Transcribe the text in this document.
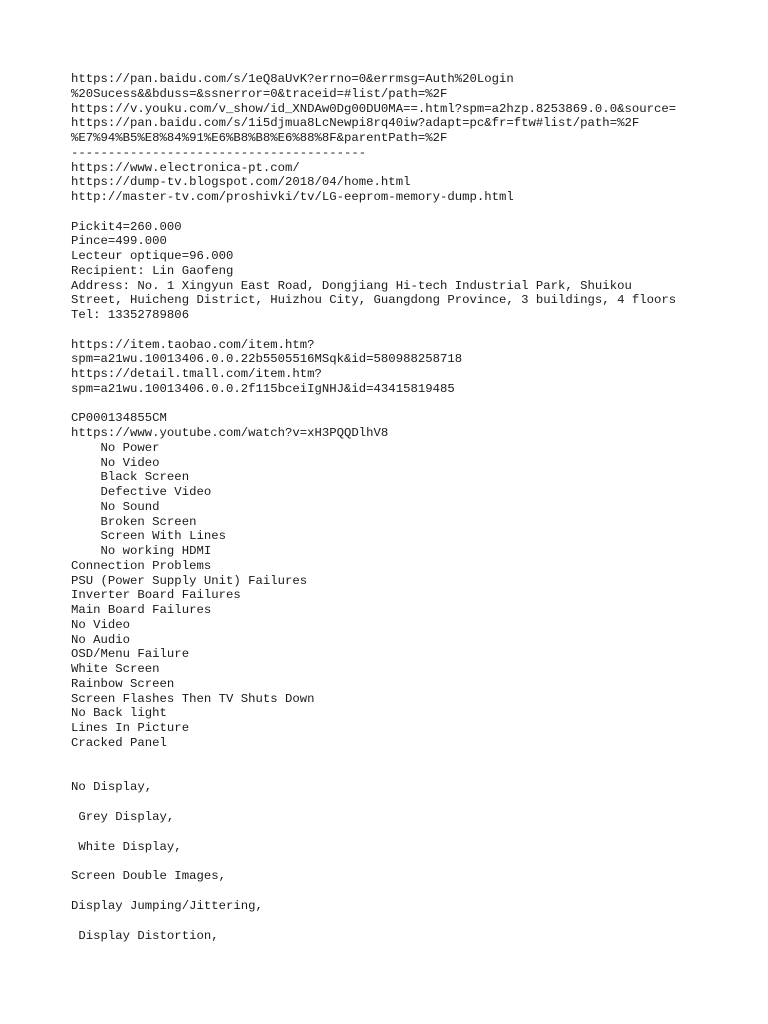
https://pan.baidu.com/s/1eQ8aUvK?errno=0&errmsg=Auth%20Login
%20Sucess&&bduss=&ssnerror=0&traceid=#list/path=%2F
https://v.youku.com/v_show/id_XNDAw0Dg00DU0MA==.html?spm=a2hzp.8253869.0.0&source=
https://pan.baidu.com/s/1i5djmua8LcNewpi8rq40iw?adapt=pc&fr=ftw#list/path=%2F
%E7%94%B5%E8%84%91%E6%B8%B8%E6%88%8F&parentPath=%2F
----------------------------------------
https://www.electronica-pt.com/
https://dump-tv.blogspot.com/2018/04/home.html
http://master-tv.com/proshivki/tv/LG-eeprom-memory-dump.html
Pickit4=260.000
Pince=499.000
Lecteur optique=96.000
Recipient: Lin Gaofeng
Address: No. 1 Xingyun East Road, Dongjiang Hi-tech Industrial Park, Shuikou
Street, Huicheng District, Huizhou City, Guangdong Province, 3 buildings, 4 floors
Tel: 13352789806
https://item.taobao.com/item.htm?
spm=a21wu.10013406.0.0.22b5505516MSqk&id=580988258718
https://detail.tmall.com/item.htm?
spm=a21wu.10013406.0.0.2f115bceiIgNHJ&id=43415819485
CP000134855CM
https://www.youtube.com/watch?v=xH3PQQDlhV8
No Power
No Video
Black Screen
Defective Video
No Sound
Broken Screen
Screen With Lines
No working HDMI
Connection Problems
PSU (Power Supply Unit) Failures
Inverter Board Failures
Main Board Failures
No Video
No Audio
OSD/Menu Failure
White Screen
Rainbow Screen
Screen Flashes Then TV Shuts Down
No Back light
Lines In Picture
Cracked Panel
No Display,
Grey Display,
White Display,
Screen Double Images,
Display Jumping/Jittering,
Display Distortion,
